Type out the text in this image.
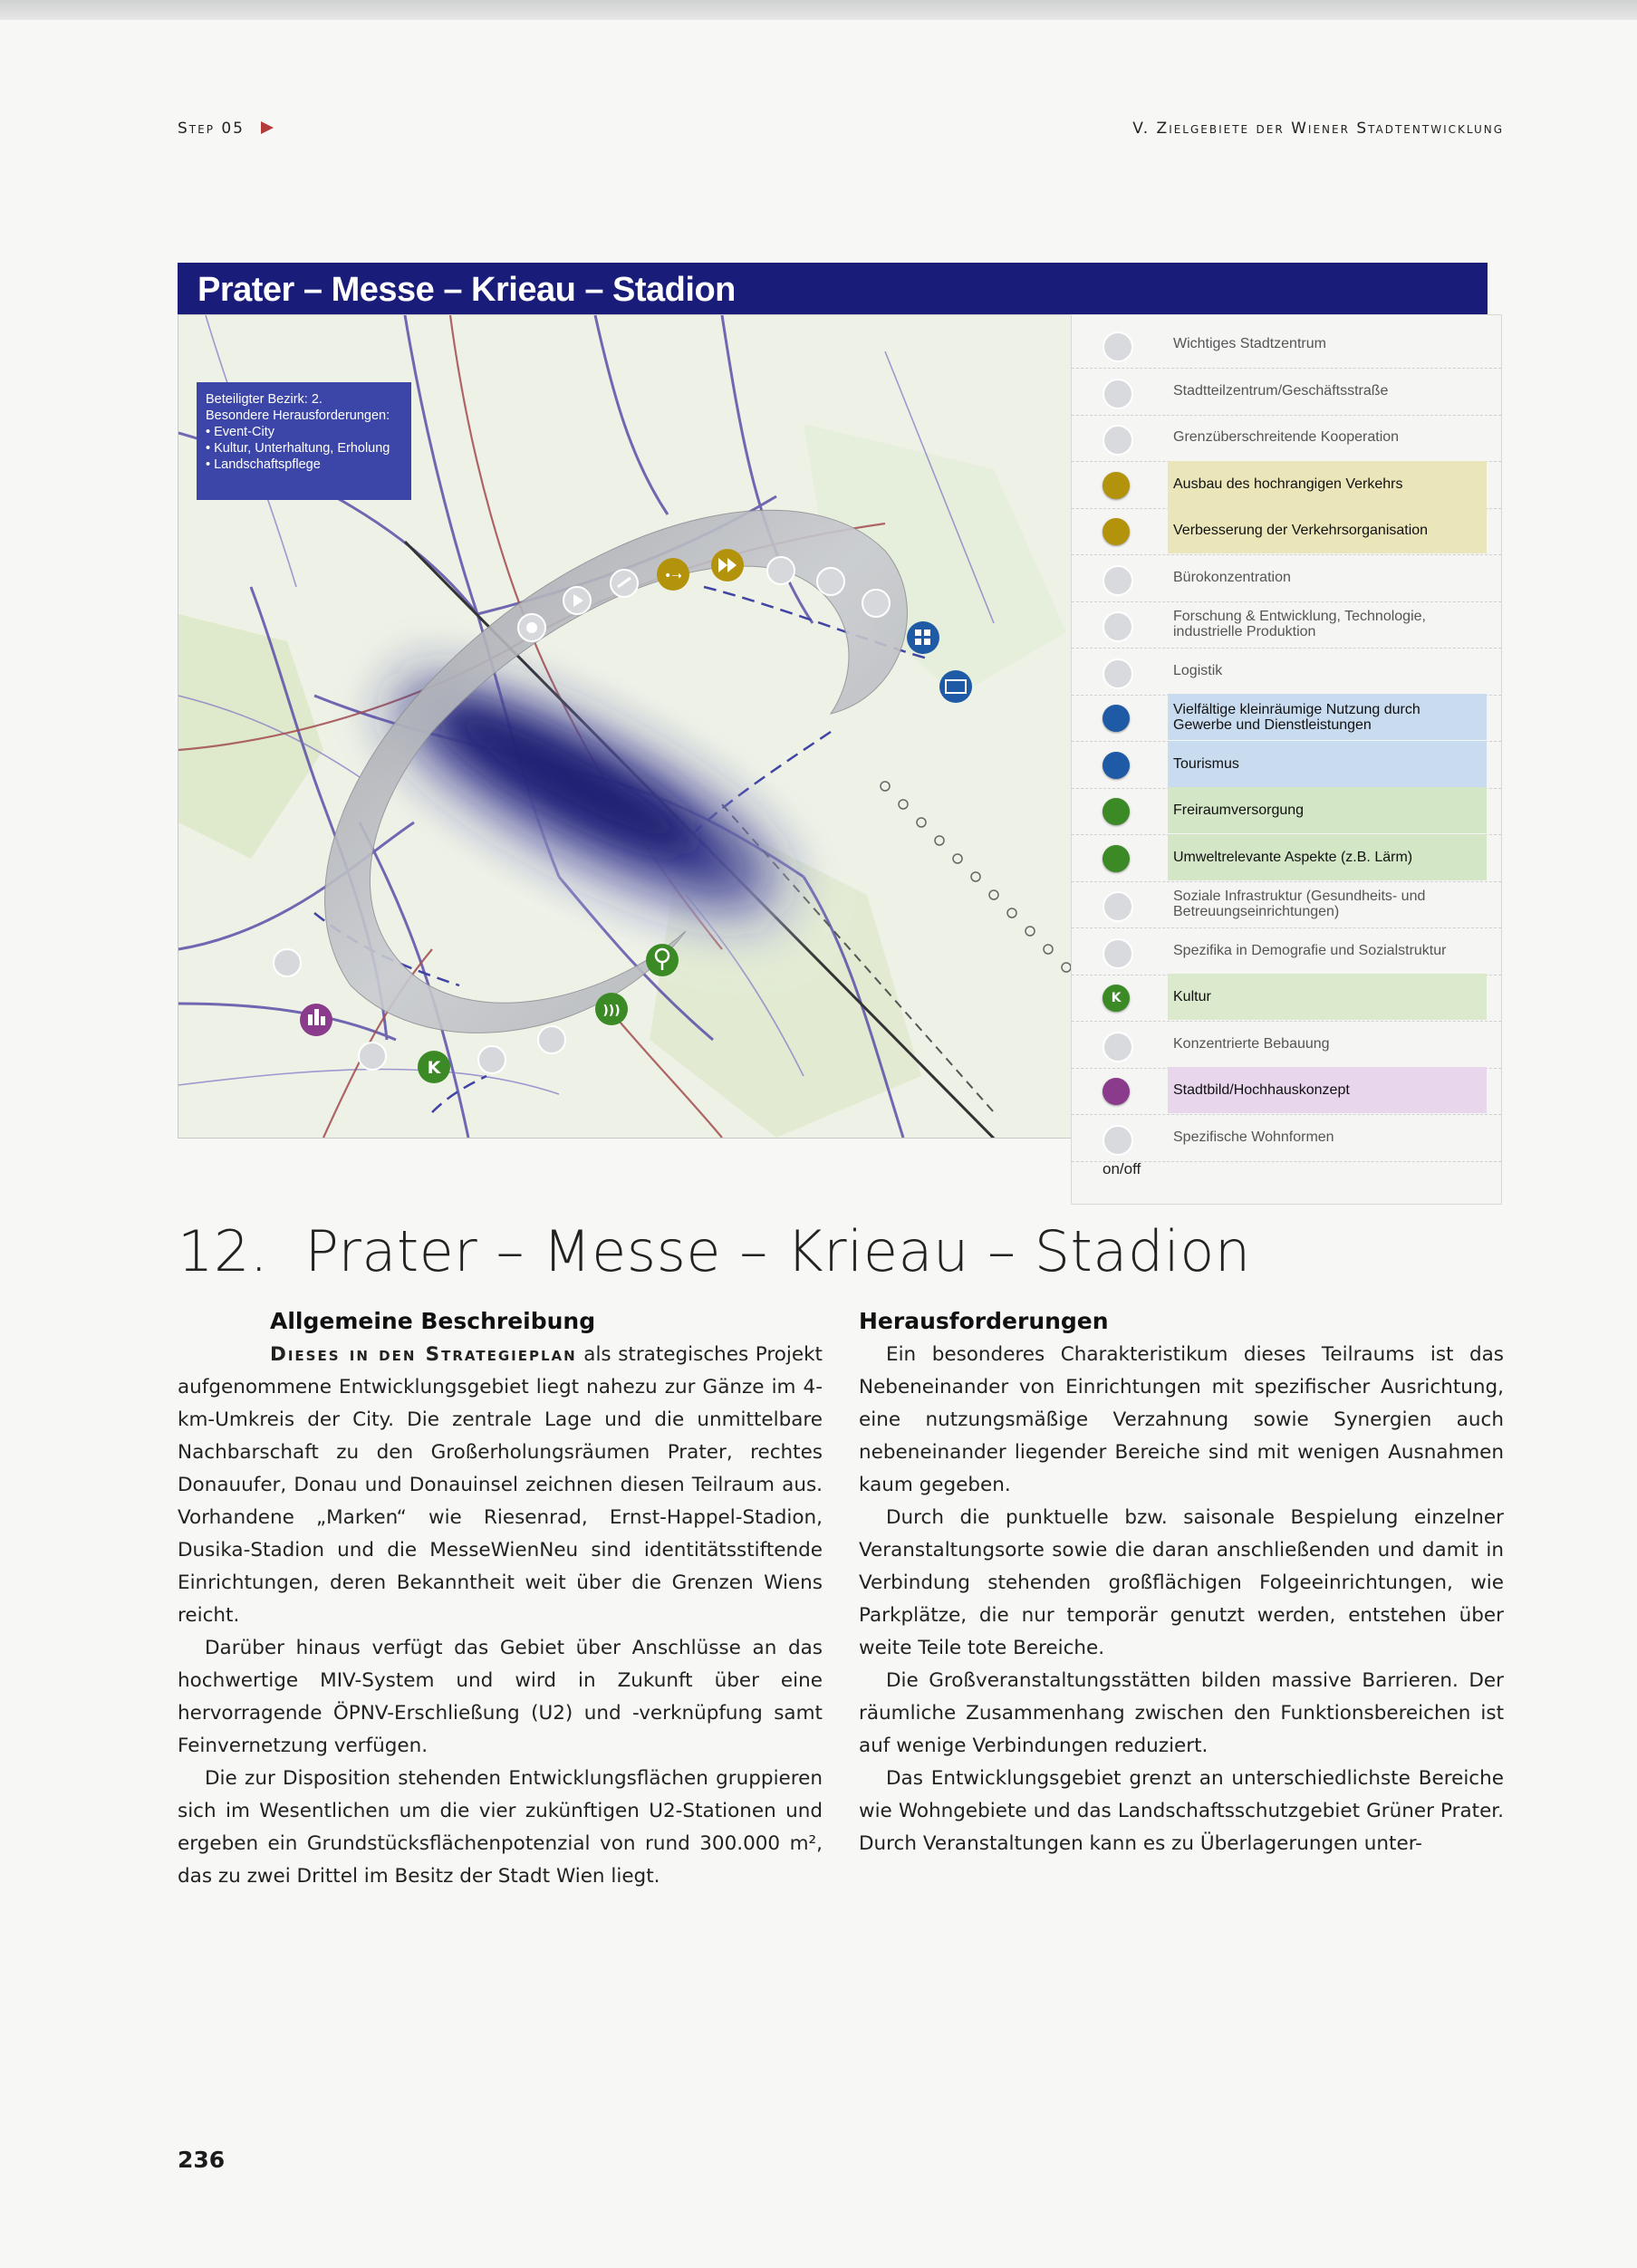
Step 05	V. Zielgebiete der Wiener Stadtentwicklung
Prater – Messe – Krieau – Stadion
•➝
K
)))
Beteiligter Bezirk: 2.
Besondere Herausforderungen:
• Event-City
• Kultur, Unterhaltung, Erholung
• Landschaftspflege
on/off
Wichtiges Stadtzentrum
Stadtteilzentrum/Geschäftsstraße
Grenzüberschreitende Kooperation
Ausbau des hochrangigen Verkehrs
Verbesserung der Verkehrsorganisation
Bürokonzentration
Forschung & Entwicklung, Technologie, industrielle Produktion
Logistik
Vielfältige kleinräumige Nutzung durch Gewerbe und Dienstleistungen
Tourismus
Freiraumversorgung
Umweltrelevante Aspekte (z.B. Lärm)
Soziale Infrastruktur (Gesundheits- und Betreuungseinrichtungen)
Spezifika in Demografie und Sozialstruktur
K	Kultur
Konzentrierte Bebauung
Stadtbild/Hochhauskonzept
Spezifische Wohnformen
12. Prater – Messe – Krieau – Stadion
Allgemeine Beschreibung

Dieses in den Strategieplan als strategisches Projekt aufgenommene Entwicklungsgebiet liegt nahezu zur Gänze im 4-km-Umkreis der City. Die zentrale Lage und die unmittelbare Nachbarschaft zu den Großerholungsräumen Prater, rechtes Donauufer, Donau und Donauinsel zeichnen diesen Teilraum aus. Vorhandene „Marken“ wie Riesenrad, Ernst-Happel-Stadion, Dusika-Stadion und die MesseWienNeu sind identitätsstiftende Einrichtungen, deren Bekanntheit weit über die Grenzen Wiens reicht.

Darüber hinaus verfügt das Gebiet über Anschlüsse an das hochwertige MIV-System und wird in Zukunft über eine hervorragende ÖPNV-Erschließung (U2) und -verknüpfung samt Feinvernetzung verfügen.

Die zur Disposition stehenden Entwicklungsflächen gruppieren sich im Wesentlichen um die vier zukünftigen U2-Stationen und ergeben ein Grundstücksflächenpotenzial von rund 300.000 m², das zu zwei Drittel im Besitz der Stadt Wien liegt.

Herausforderungen

Ein besonderes Charakteristikum dieses Teilraums ist das Nebeneinander von Einrichtungen mit spezifischer Ausrichtung, eine nutzungsmäßige Verzahnung sowie Synergien auch nebeneinander liegender Bereiche sind mit wenigen Ausnahmen kaum gegeben.

Durch die punktuelle bzw. saisonale Bespielung einzelner Veranstaltungsorte sowie die daran anschließenden und damit in Verbindung stehenden großflächigen Folgeeinrichtungen, wie Parkplätze, die nur temporär genutzt werden, entstehen über weite Teile tote Bereiche.

Die Großveranstaltungsstätten bilden massive Barrieren. Der räumliche Zusammenhang zwischen den Funktionsbereichen ist auf wenige Verbindungen reduziert.

Das Entwicklungsgebiet grenzt an unterschiedlichste Bereiche wie Wohngebiete und das Landschaftsschutzgebiet Grüner Prater. Durch Veranstaltungen kann es zu Überlagerungen unter-

236
